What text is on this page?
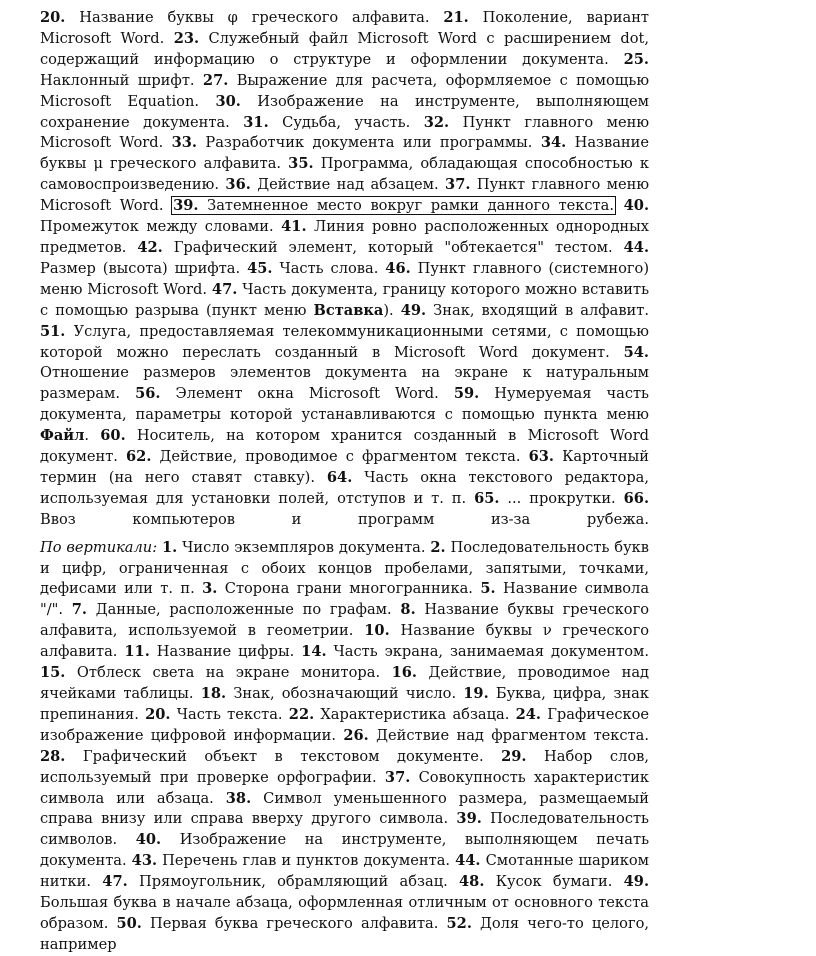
20. Название буквы φ греческого алфавита. 21. Поколение, вариант Microsoft Word. 23. Служебный файл Microsoft Word с расширением dot, содержащий информацию о структуре и оформлении документа. 25. Наклонный шрифт. 27. Выражение для расчета, оформляемое с помощью Microsoft Equation. 30. Изображение на инструменте, выполняющем сохранение документа. 31. Судьба, участь. 32. Пункт главного меню Microsoft Word. 33. Разработчик документа или программы. 34. Название буквы μ греческого алфавита. 35. Программа, обладающая способностью к самовоспроизведению. 36. Действие над абзацем. 37. Пункт главного меню Microsoft Word. 39. Затемненное место вокруг рамки данного текста. 40. Промежуток между словами. 41. Линия ровно расположенных однородных предметов. 42. Графический элемент, который "обтекается" тестом. 44. Размер (высота) шрифта. 45. Часть слова. 46. Пункт главного (системного) меню Microsoft Word. 47. Часть документа, границу которого можно вставить с помощью разрыва (пункт меню Вставка). 49. Знак, входящий в алфавит. 51. Услуга, предоставляемая телекоммуникационными сетями, с помощью которой можно переслать созданный в Microsoft Word документ. 54. Отношение размеров элементов документа на экране к натуральным размерам. 56. Элемент окна Microsoft Word. 59. Нумеруемая часть документа, параметры которой устанавливаются с помощью пункта меню Файл. 60. Носитель, на котором хранится созданный в Microsoft Word документ. 62. Действие, проводимое с фрагментом текста. 63. Карточный термин (на него ставят ставку). 64. Часть окна текстового редактора, используемая для установки полей, отступов и т. п. 65. ... прокрутки. 66. Ввоз компьютеров и программ из-за рубежа.

По вертикали: 1. Число экземпляров документа. 2. Последовательность букв и цифр, ограниченная с обоих концов пробелами, запятыми, точками, дефисами или т. п. 3. Сторона грани многогранника. 5. Название символа "/". 7. Данные, расположенные по графам. 8. Название буквы греческого алфавита, используемой в геометрии. 10. Название буквы ν греческого алфавита. 11. Название цифры. 14. Часть экрана, занимаемая документом. 15. Отблеск света на экране монитора. 16. Действие, проводимое над ячейками таблицы. 18. Знак, обозначающий число. 19. Буква, цифра, знак препинания. 20. Часть текста. 22. Характеристика абзаца. 24. Графическое изображение цифровой информации. 26. Действие над фрагментом текста. 28. Графический объект в текстовом документе. 29. Набор слов, используемый при проверке орфографии. 37. Совокупность характеристик символа или абзаца. 38. Символ уменьшенного размера, размещаемый справа внизу или справа вверху другого символа. 39. Последовательность символов. 40. Изображение на инструменте, выполняющем печать документа. 43. Перечень глав и пунктов документа. 44. Смотанные шариком нитки. 47. Прямоугольник, обрамляющий абзац. 48. Кусок бумаги. 49. Большая буква в начале абзаца, оформленная отличным от основного текста образом. 50. Первая буква греческого алфавита. 52. Доля чего-то целого, например
